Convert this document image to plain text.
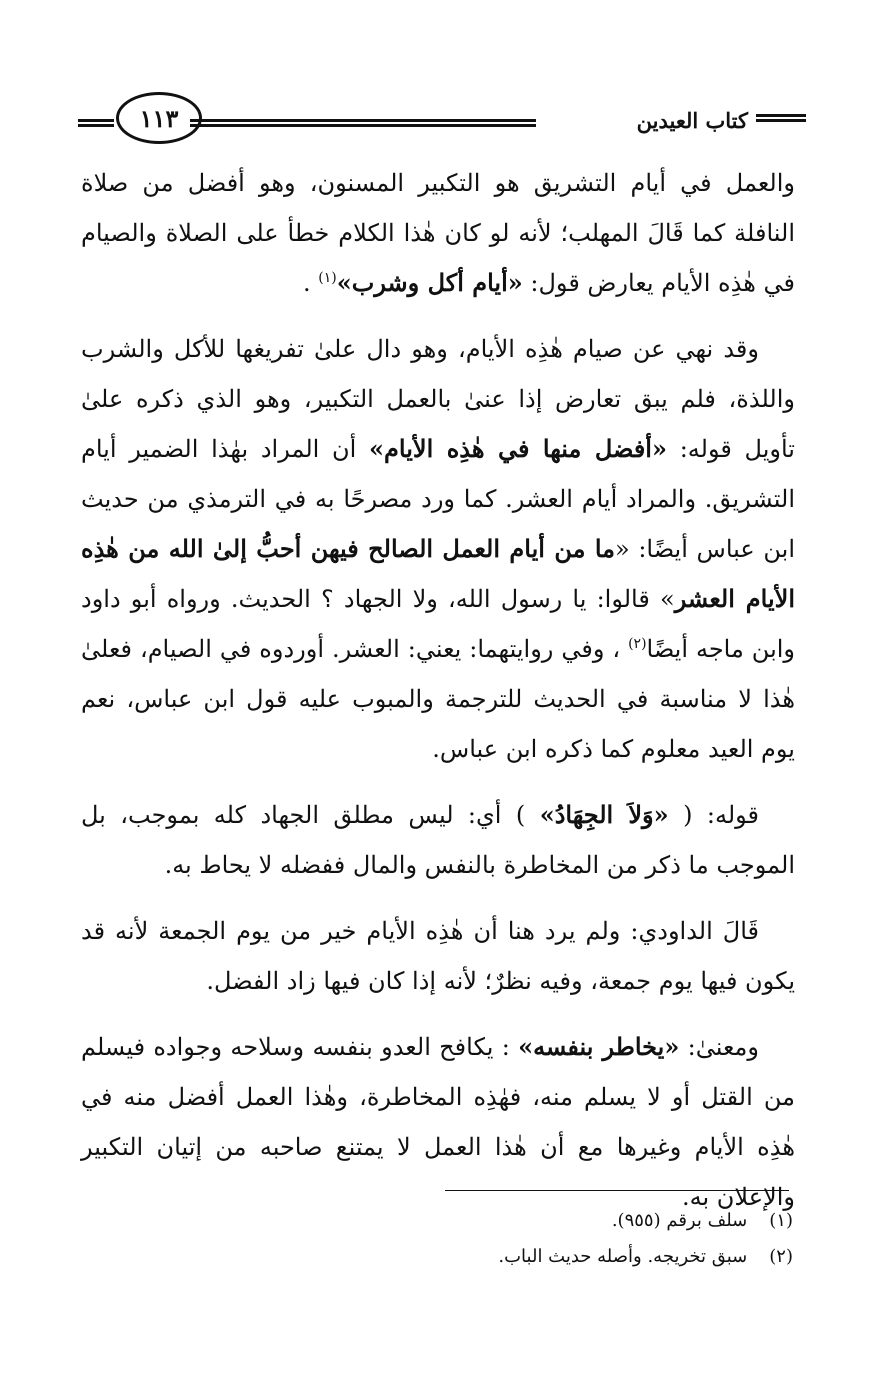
كتاب العيدين
١١٣

والعمل في أيام التشريق هو التكبير المسنون، وهو أفضل من صلاة النافلة كما قَالَ المهلب؛ لأنه لو كان هٰذا الكلام خطأ على الصلاة والصيام في هٰذِه الأيام يعارض قول: «أيام أكل وشرب»$^{(١)}$ .

وقد نهي عن صيام هٰذِه الأيام، وهو دال علىٰ تفريغها للأكل والشرب واللذة، فلم يبق تعارض إذا عنىٰ بالعمل التكبير، وهو الذي ذكره علىٰ تأويل قوله: «أفضل منها في هٰذِه الأيام» أن المراد بهٰذا الضمير أيام التشريق. والمراد أيام العشر. كما ورد مصرحًا به في الترمذي من حديث ابن عباس أيضًا: «ما من أيام العمل الصالح فيهن أحبُّ إلىٰ الله من هٰذِه الأيام العشر» قالوا: يا رسول الله، ولا الجهاد ؟ الحديث. ورواه أبو داود وابن ماجه أيضًا$^{(٢)}$ ، وفي روايتهما: يعني: العشر. أوردوه في الصيام، فعلىٰ هٰذا لا مناسبة في الحديث للترجمة والمبوب عليه قول ابن عباس، نعم يوم العيد معلوم كما ذكره ابن عباس.

قوله: ( «وَلاَ الجِهَادُ» ) أي: ليس مطلق الجهاد كله بموجب، بل الموجب ما ذكر من المخاطرة بالنفس والمال ففضله لا يحاط به.

قَالَ الداودي: ولم يرد هنا أن هٰذِه الأيام خير من يوم الجمعة لأنه قد يكون فيها يوم جمعة، وفيه نظرٌ؛ لأنه إذا كان فيها زاد الفضل.

ومعنىٰ: «يخاطر بنفسه» : يكافح العدو بنفسه وسلاحه وجواده فيسلم من القتل أو لا يسلم منه، فهٰذِه المخاطرة، وهٰذا العمل أفضل منه في هٰذِه الأيام وغيرها مع أن هٰذا العمل لا يمتنع صاحبه من إتيان التكبير والإعلان به.

(١) سلف برقم (٩٥٥).
(٢) سبق تخريجه. وأصله حديث الباب.
